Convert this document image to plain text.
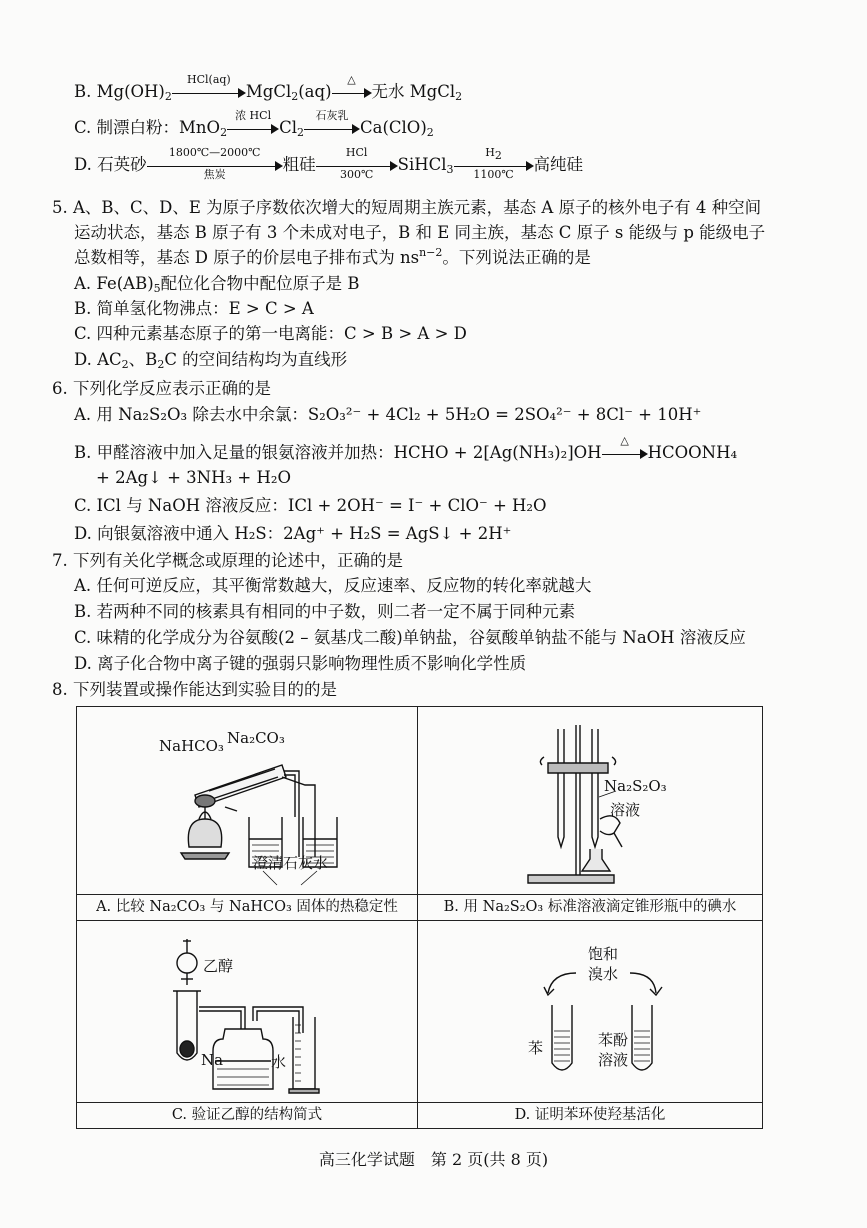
B. $Mg(OH)_2$
HCl(aq)
MgCl$_2$(aq)
△
无水 MgCl$_2$
C. 制漂白粉：MnO$_2$
浓 HCl
$Cl_2$
石灰乳
$Ca(ClO)_2$
D. 石英砂
1800℃—2000℃
焦炭	粗硅
HCl
300℃	SiHCl$_3$ $\frac{H_2}{1100℃}$ 高纯硅
5. A、B、C、D、E 为原子序数依次增大的短周期主族元素，基态 A 原子的核外电子有 4 种空间
运动状态，基态 B 原子有 3 个未成对电子，B 和 E 同主族，基态 C 原子 s 能级与 p 能级电子
总数相等，基态 D 原子的价层电子排布式为 $ns^{n-2}$。下列说法正确的是
A. $Fe(AB)_5$配位化合物中配位原子是 B
B. 简单氢化物沸点：E > C > A
C. 四种元素基态原子的第一电离能：C > B > A > D
D. $AC_2$、$B_2C$ 的空间结构均为直线形
6. 下列化学反应表示正确的是
A. 用 Na₂S₂O₃ 除去水中余氯：S₂O₃²⁻ + 4Cl₂ + 5H₂O = 2SO₄²⁻ + 8Cl⁻ + 10H⁺
B. 甲醛溶液中加入足量的银氨溶液并加热：HCHO + 2[Ag(NH₃)₂]OH
△
HCOONH₄
+ 2Ag↓ + 3NH₃ + H₂O
C. ICl 与 NaOH 溶液反应：ICl + 2OH⁻ = I⁻ + ClO⁻ + H₂O
D. 向银氨溶液中通入 H₂S：2Ag⁺ + H₂S = AgS↓ + 2H⁺
7. 下列有关化学概念或原理的论述中，正确的是
A. 任何可逆反应，其平衡常数越大，反应速率、反应物的转化率就越大
B. 若两种不同的核素具有相同的中子数，则二者一定不属于同种元素
C. 味精的化学成分为谷氨酸(2 – 氨基戊二酸)单钠盐，谷氨酸单钠盐不能与 NaOH 溶液反应
D. 离子化合物中离子键的强弱只影响物理性质不影响化学性质
8. 下列装置或操作能达到实验目的的是
NaHCO₃ Na₂CO₃
澄清石灰水
A. 比较 Na₂CO₃ 与 NaHCO₃ 固体的热稳定性
Na₂S₂O₃
溶液
B. 用 Na₂S₂O₃ 标准溶液滴定锥形瓶中的碘水
乙醇
Na	水
C. 验证乙醇的结构简式
饱和
溴水
苯	苯酚
溶液
D. 证明苯环使羟基活化
高三化学试题　第 2 页(共 8 页)
